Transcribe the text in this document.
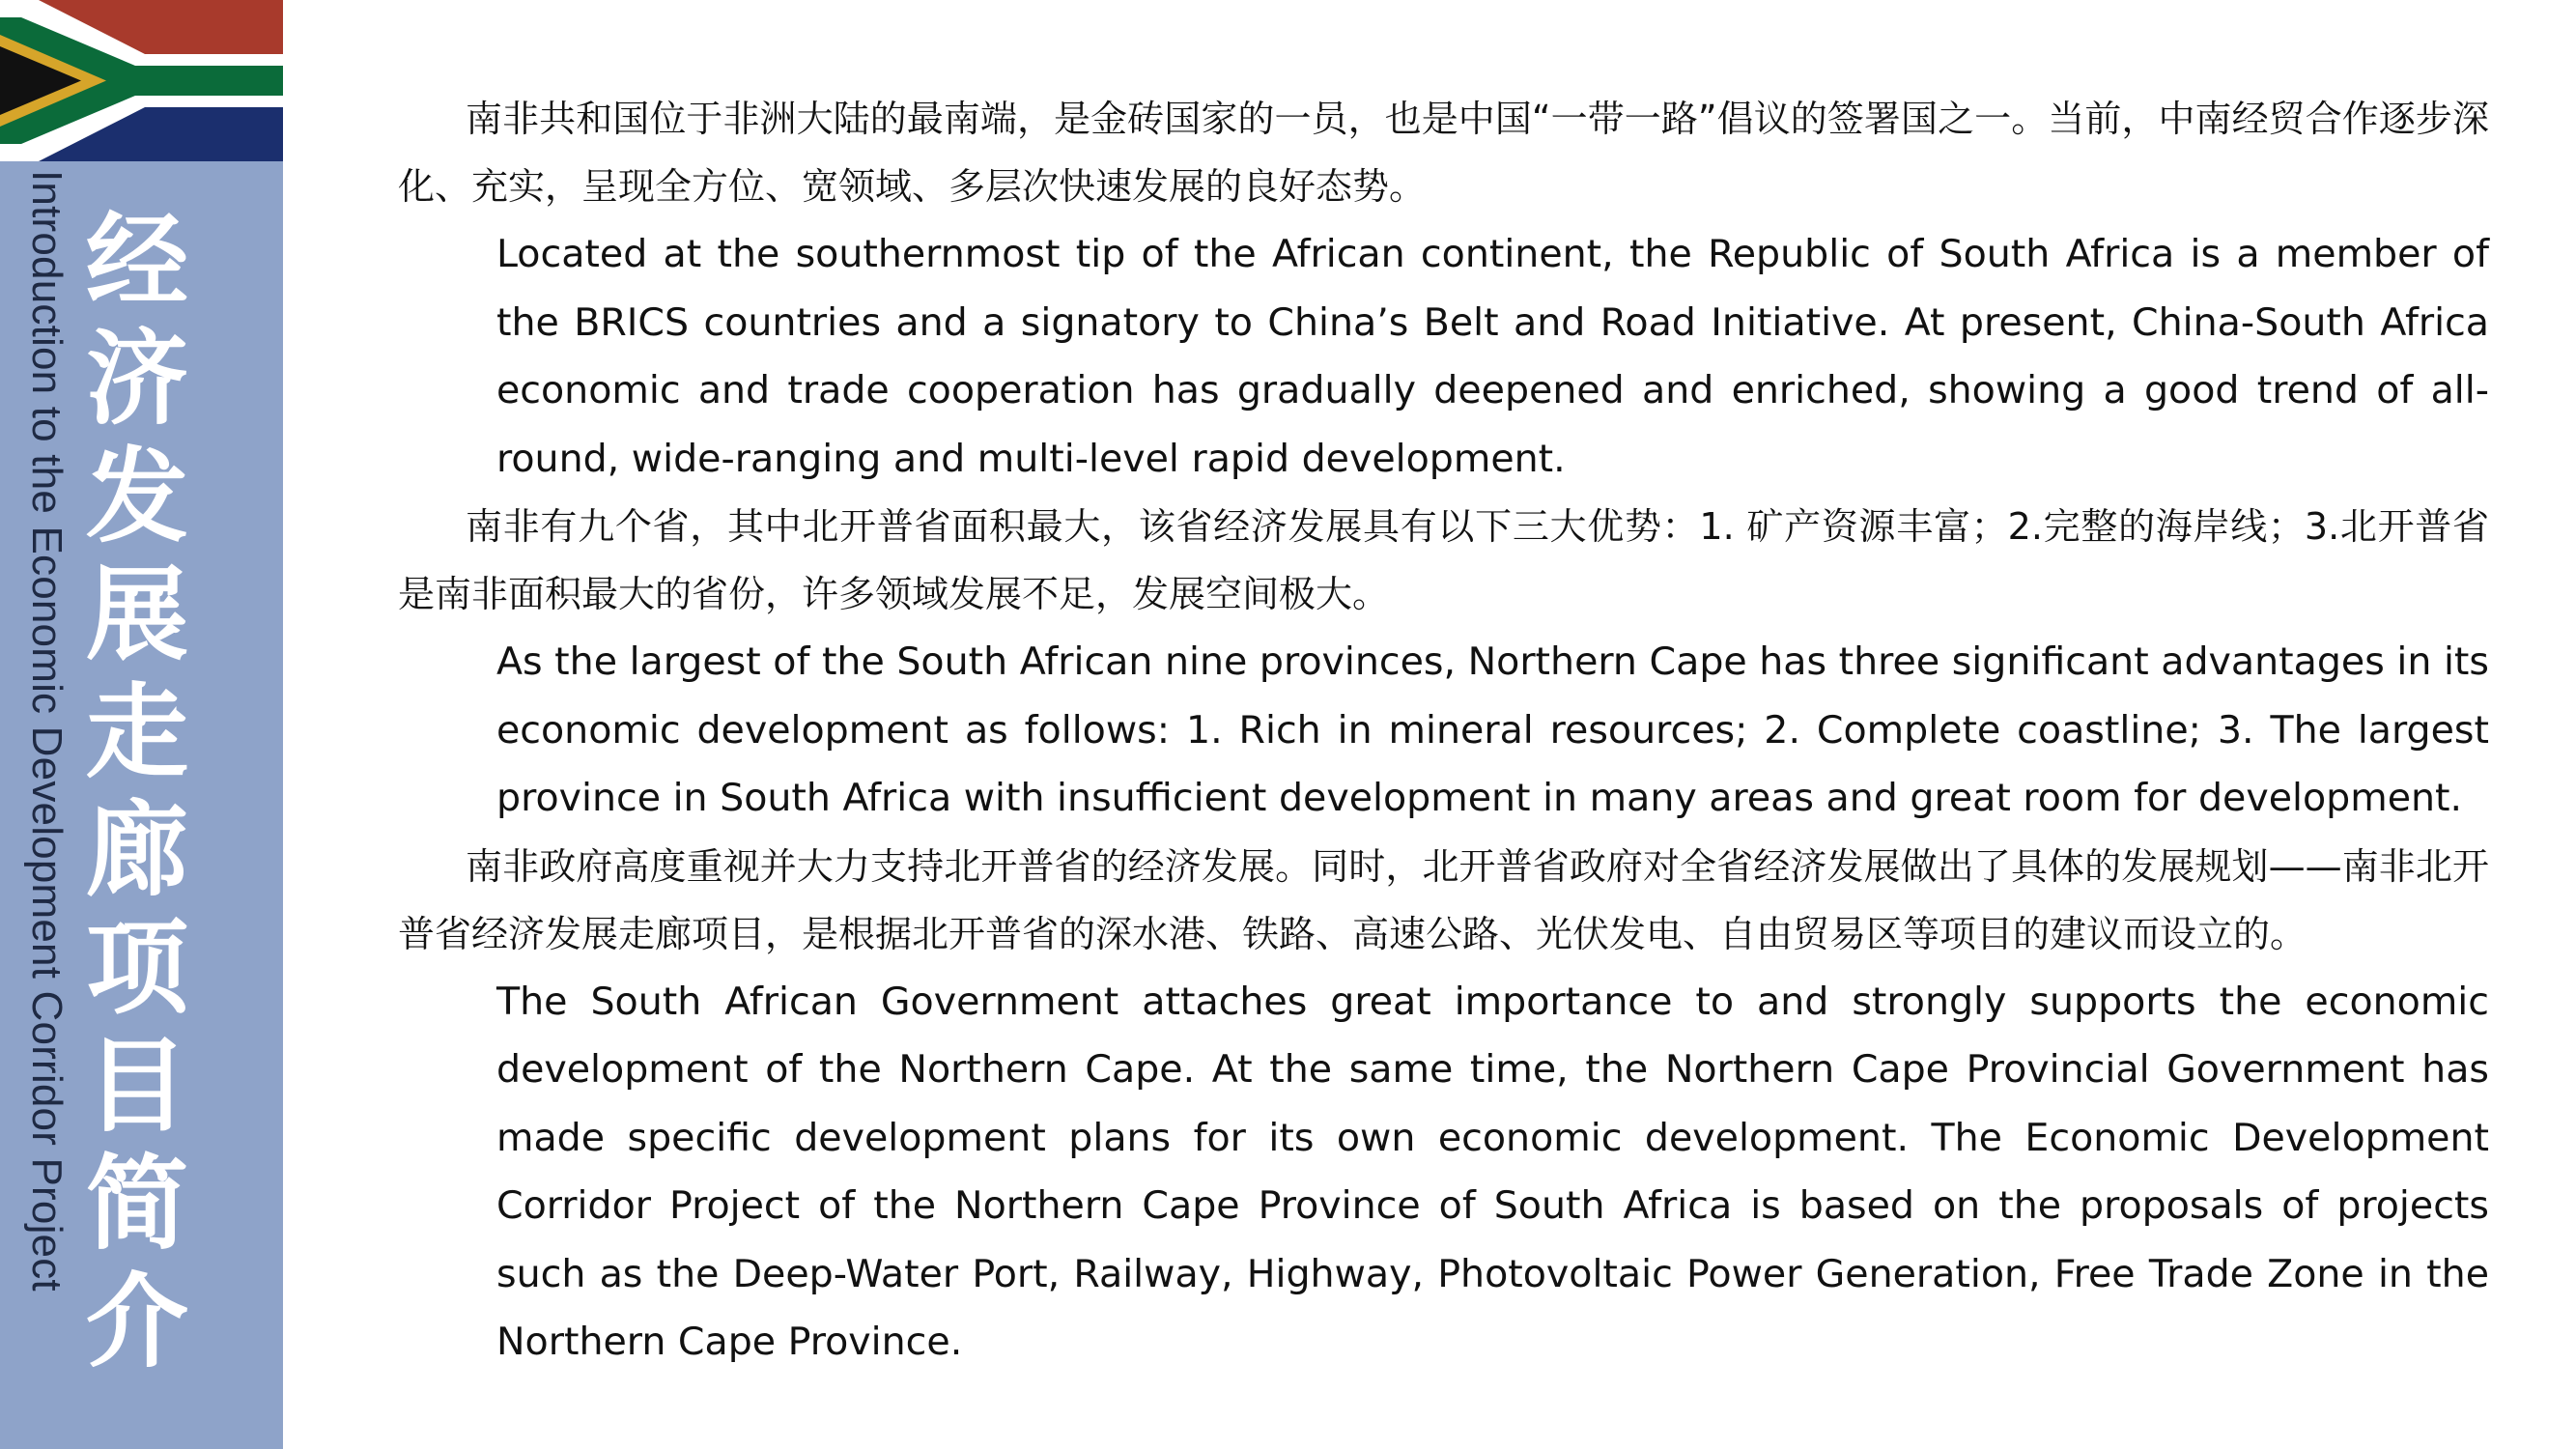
经济发展走廊项目简介
Introduction to the Economic Development Corridor Project

南非共和国位于非洲大陆的最南端，是金砖国家的一员，也是中国“一带一路”倡议的签署国之一。当前，中南经贸合作逐步深化、充实，呈现全方位、宽领域、多层次快速发展的良好态势。

Located at the southernmost tip of the African continent, the Republic of South Africa is a member of the BRICS countries and a signatory to China’s Belt and Road Initiative. At present, China-South Africa economic and trade cooperation has gradually deepened and enriched, showing a good trend of all-round, wide-ranging and multi-level rapid development.

南非有九个省，其中北开普省面积最大，该省经济发展具有以下三大优势：1. 矿产资源丰富；2.完整的海岸线；3.北开普省是南非面积最大的省份，许多领域发展不足，发展空间极大。

As the largest of the South African nine provinces, Northern Cape has three significant advantages in its economic development as follows: 1. Rich in mineral resources; 2. Complete coastline; 3. The largest province in South Africa with insufficient development in many areas and great room for development.

南非政府高度重视并大力支持北开普省的经济发展。同时，北开普省政府对全省经济发展做出了具体的发展规划——南非北开普省经济发展走廊项目，是根据北开普省的深水港、铁路、高速公路、光伏发电、自由贸易区等项目的建议而设立的。

The South African Government attaches great importance to and strongly supports the economic development of the Northern Cape. At the same time, the Northern Cape Provincial Government has made specific development plans for its own economic development. The Economic Development Corridor Project of the Northern Cape Province of South Africa is based on the proposals of projects such as the Deep-Water Port, Railway, Highway, Photovoltaic Power Generation, Free Trade Zone in the Northern Cape Province.
